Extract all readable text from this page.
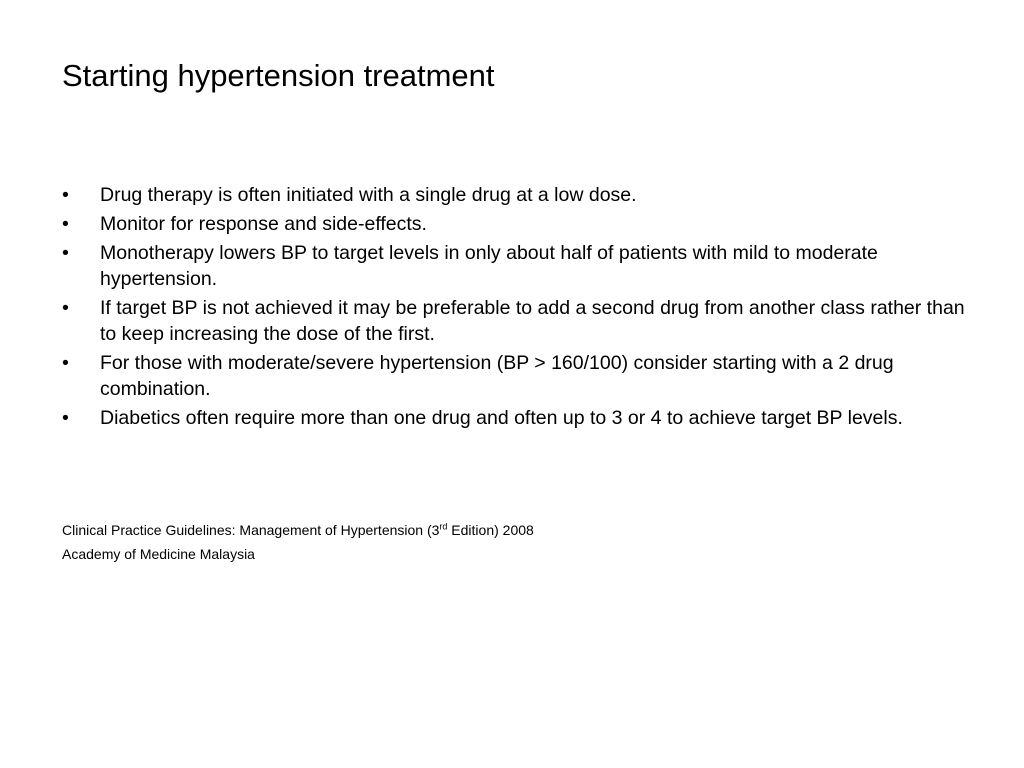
Starting hypertension treatment
•	Drug therapy is often initiated with a single drug at a low dose.
•	Monitor for response and side-effects.
•	Monotherapy lowers BP to target levels in only about half of patients with mild to moderate hypertension.
•	If target BP is not achieved it may be preferable to add a second drug from another class rather than to keep increasing the dose of the first.
•	For those with moderate/severe hypertension (BP > 160/100) consider starting with a 2 drug combination.
•	Diabetics often require more than one drug and often up to 3 or 4 to achieve target BP levels.

Clinical Practice Guidelines: Management of Hypertension (3rd Edition) 2008
Academy of Medicine Malaysia
